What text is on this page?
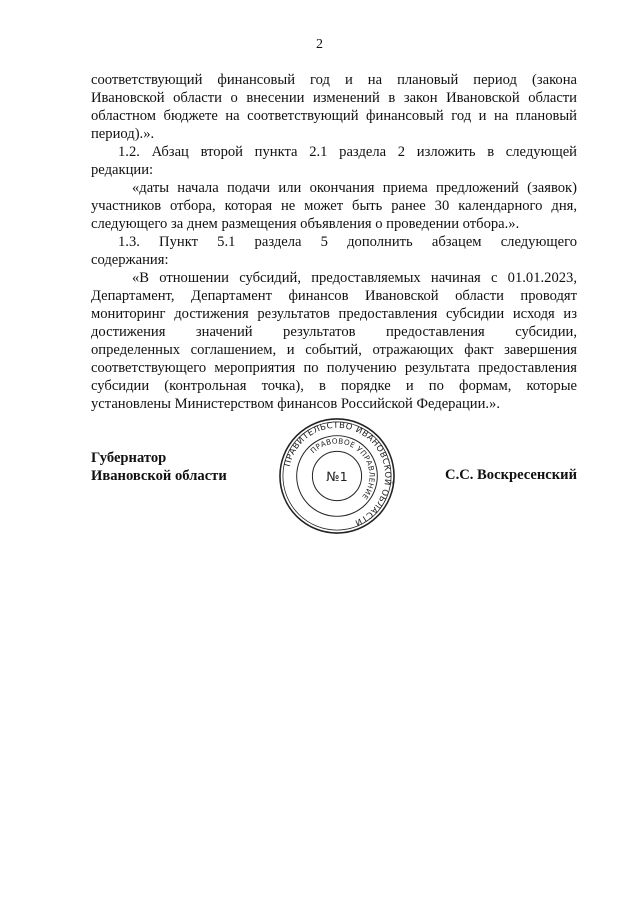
2
соответствующий финансовый год и на плановый период (закона
Ивановской области о внесении изменений в закон Ивановской области
областном бюджете на соответствующий финансовый год и на плановый
период).».
1.2. Абзац второй пункта 2.1 раздела 2 изложить в следующей
редакции:
«даты начала подачи или окончания приема предложений (заявок)
участников отбора, которая не может быть ранее 30 календарного дня,
следующего за днем размещения объявления о проведении отбора.».
1.3. Пункт 5.1 раздела 5 дополнить абзацем следующего
содержания:
«В отношении субсидий, предоставляемых начиная с 01.01.2023,
Департамент, Департамент финансов Ивановской области проводят
мониторинг достижения результатов предоставления субсидии исходя из
достижения значений результатов предоставления субсидии,
определенных соглашением, и событий, отражающих факт завершения
соответствующего мероприятия по получению результата предоставления
субсидии (контрольная точка), в порядке и по формам, которые
установлены Министерством финансов Российской Федерации.».
Губернатор
Ивановской области
ПРАВИТЕЛЬСТВО ИВАНОВСКОЙ ОБЛАСТИ
ПРАВОВОЕ УПРАВЛЕНИЕ
№1	С.С. Воскресенский
